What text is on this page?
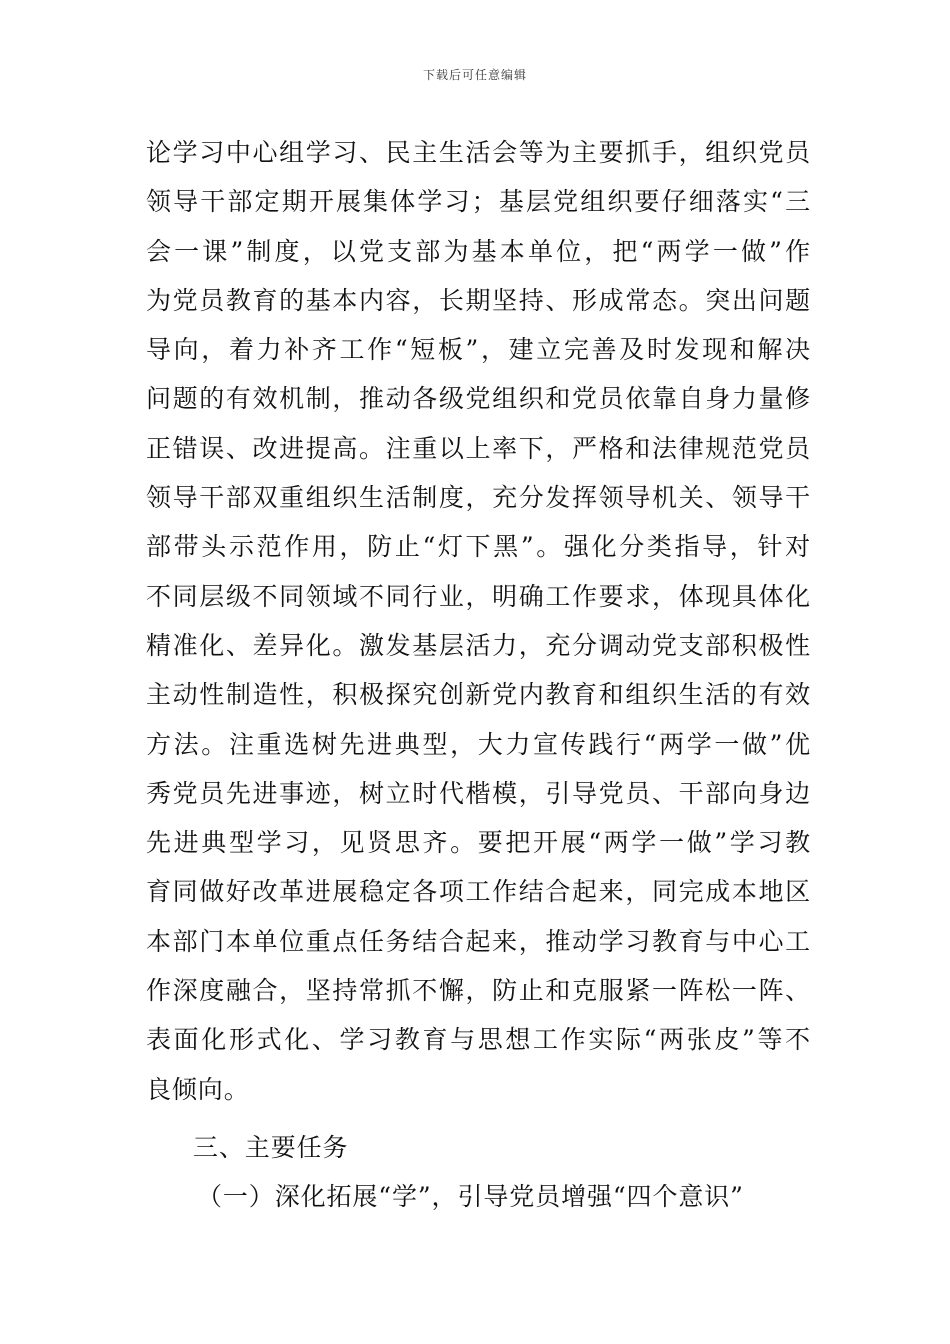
下载后可任意编辑
论学习中心组学习、民主生活会等为主要抓手，组织党员
领导干部定期开展集体学习；基层党组织要仔细落实“三
会一课”制度，以党支部为基本单位，把“两学一做”作
为党员教育的基本内容，长期坚持、形成常态。突出问题
导向，着力补齐工作“短板”，建立完善及时发现和解决
问题的有效机制，推动各级党组织和党员依靠自身力量修
正错误、改进提高。注重以上率下，严格和法律规范党员
领导干部双重组织生活制度，充分发挥领导机关、领导干
部带头示范作用，防止“灯下黑”。强化分类指导，针对
不同层级不同领域不同行业，明确工作要求，体现具体化
精准化、差异化。激发基层活力，充分调动党支部积极性
主动性制造性，积极探究创新党内教育和组织生活的有效
方法。注重选树先进典型，大力宣传践行“两学一做”优
秀党员先进事迹，树立时代楷模，引导党员、干部向身边
先进典型学习，见贤思齐。要把开展“两学一做”学习教
育同做好改革进展稳定各项工作结合起来，同完成本地区
本部门本单位重点任务结合起来，推动学习教育与中心工
作深度融合，坚持常抓不懈，防止和克服紧一阵松一阵、
表面化形式化、学习教育与思想工作实际“两张皮”等不
良倾向。
三、主要任务
（一）深化拓展“学”，引导党员增强“四个意识”
